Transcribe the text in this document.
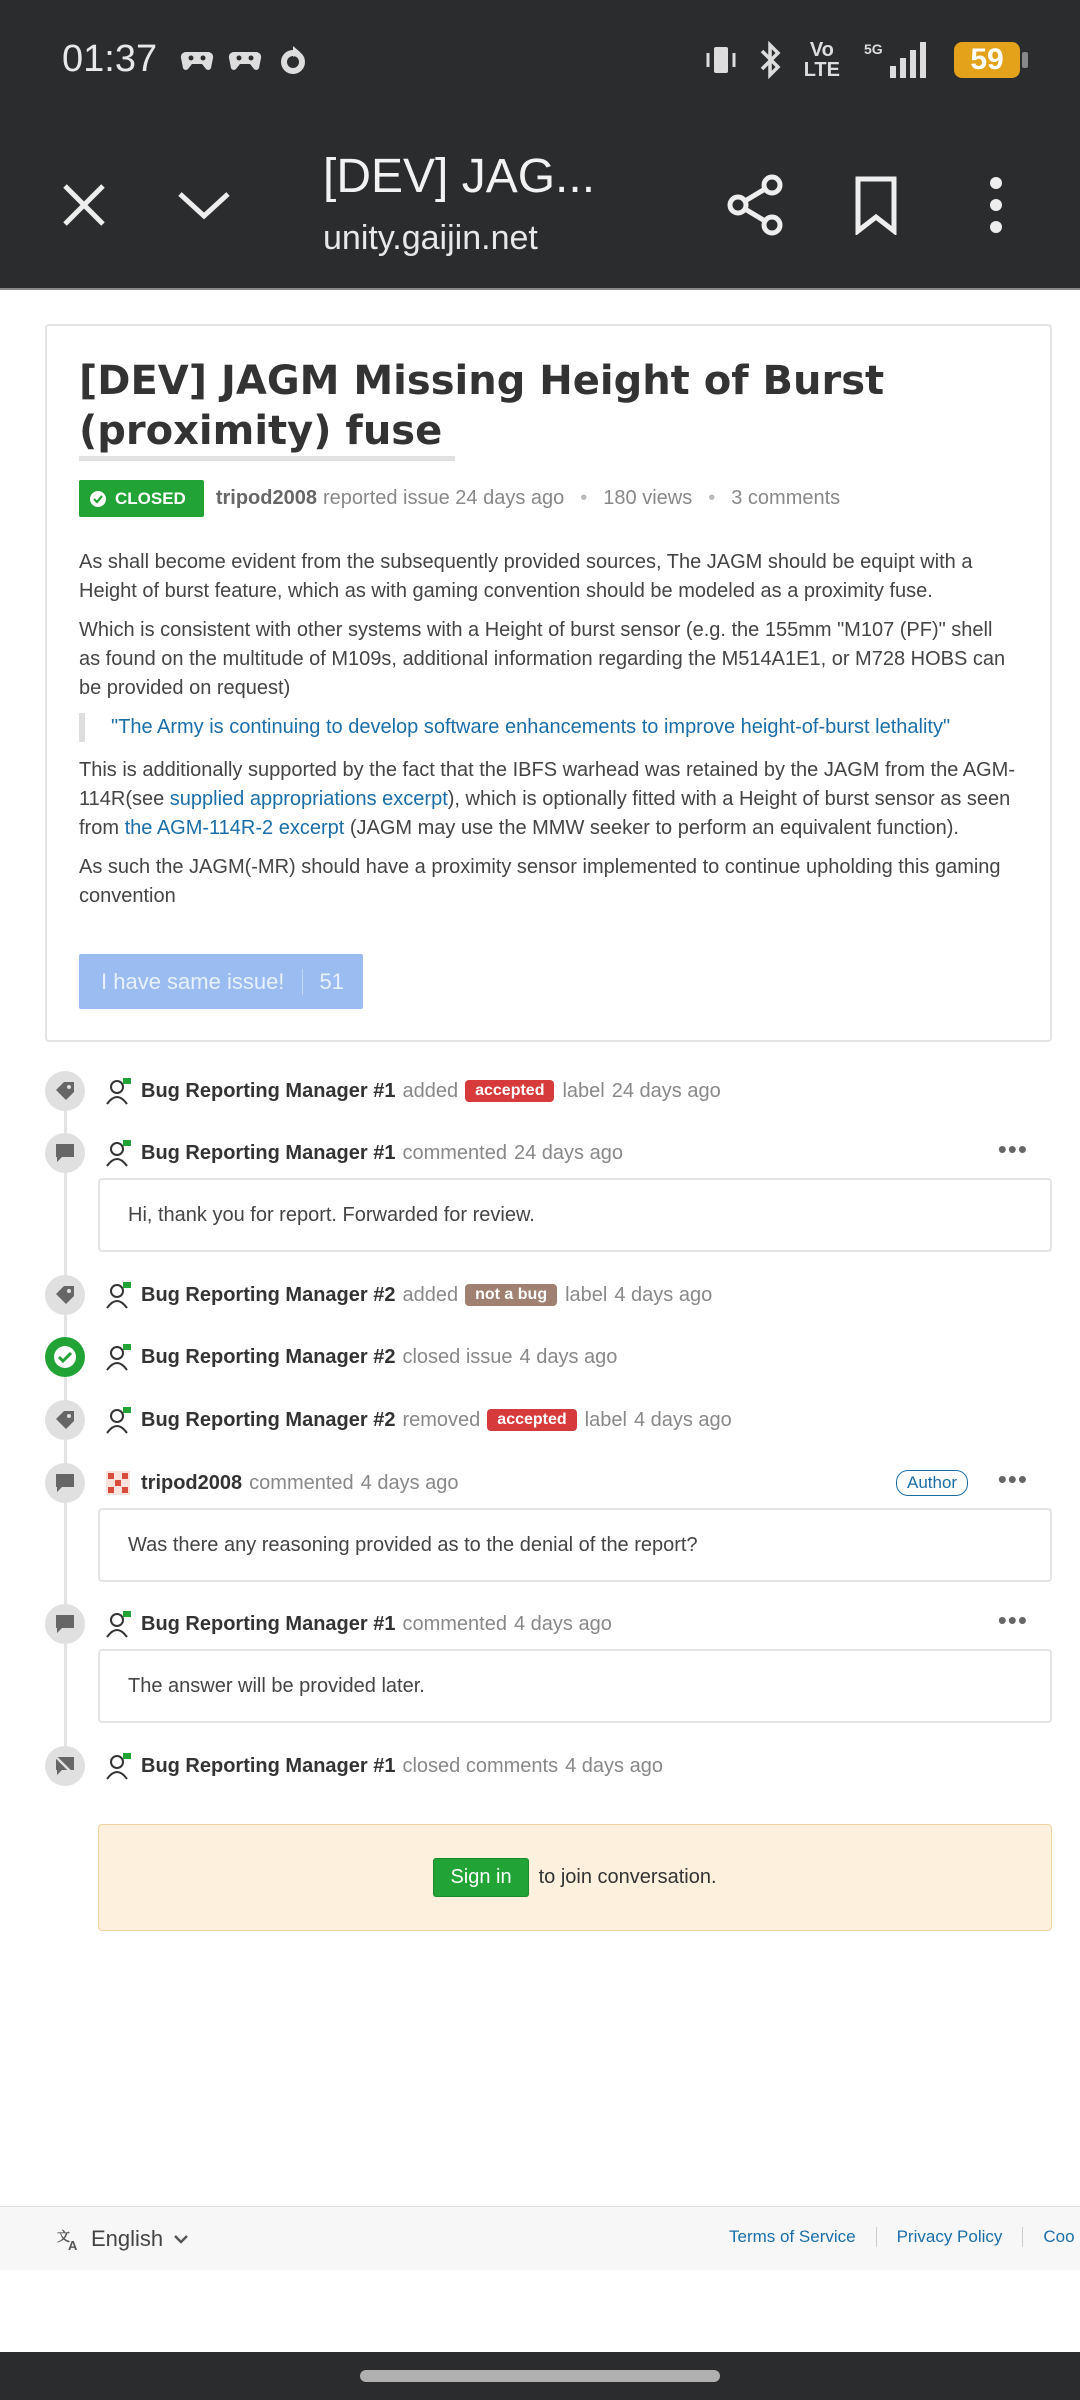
01:37	Vo
LTE
5G	59
[DEV] JAG...
unity.gaijin.net
[DEV] JAGM Missing Height of Burst (proximity) fuse
CLOSED tripod2008 reported issue 24 days ago • 180 views • 3 comments

As shall become evident from the subsequently provided sources, The JAGM should be equipt with a Height of burst feature, which as with gaming convention should be modeled as a proximity fuse.

Which is consistent with other systems with a Height of burst sensor (e.g. the 155mm "M107 (PF)" shell as found on the multitude of M109s, additional information regarding the M514A1E1, or M728 HOBS can be provided on request)

"The Army is continuing to develop software enhancements to improve height-of-burst lethality"

This is additionally supported by the fact that the IBFS warhead was retained by the JAGM from the AGM-114R(see supplied appropriations excerpt), which is optionally fitted with a Height of burst sensor as seen from the AGM-114R-2 excerpt (JAGM may use the MMW seeker to perform an equivalent function).

As such the JAGM(-MR) should have a proximity sensor implemented to continue upholding this gaming convention

I have same issue! 51
Bug Reporting Manager #1 added	accepted label 24 days ago
Bug Reporting Manager #1 commented 24 days ago	•••
Hi, thank you for report. Forwarded for review.
Bug Reporting Manager #2 added	not a bug label 4 days ago
Bug Reporting Manager #2 closed issue 4 days ago
Bug Reporting Manager #2 removed	accepted label 4 days ago
tripod2008 commented 4 days ago	Author	•••
Was there any reasoning provided as to the denial of the report?
Bug Reporting Manager #1 commented 4 days ago	•••
The answer will be provided later.
Bug Reporting Manager #1 closed comments 4 days ago
Sign in	to join conversation.
文
A English	Terms of Service	Privacy Policy	Coo
